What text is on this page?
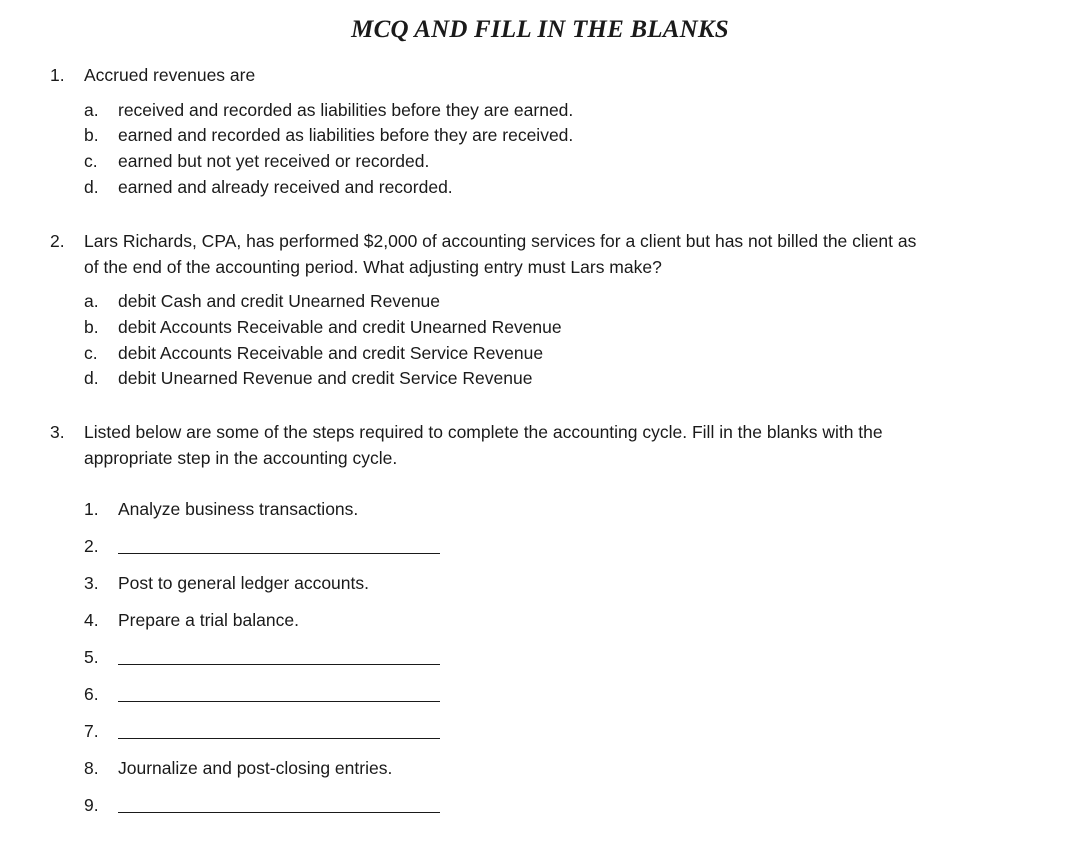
MCQ AND FILL IN THE BLANKS
1.	Accrued revenues are
a.	received and recorded as liabilities before they are earned.
b.	earned and recorded as liabilities before they are received.
c.	earned but not yet received or recorded.
d.	earned and already received and recorded.
2.	Lars Richards, CPA, has performed $2,000 of accounting services for a client but has not billed the client as of the end of the accounting period. What adjusting entry must Lars make?
a.	debit Cash and credit Unearned Revenue
b.	debit Accounts Receivable and credit Unearned Revenue
c.	debit Accounts Receivable and credit Service Revenue
d.	debit Unearned Revenue and credit Service Revenue
3.	Listed below are some of the steps required to complete the accounting cycle. Fill in the blanks with the appropriate step in the accounting cycle.
1.	Analyze business transactions.
2.
3.	Post to general ledger accounts.
4.	Prepare a trial balance.
5.
6.
7.
8.	Journalize and post-closing entries.
9.
